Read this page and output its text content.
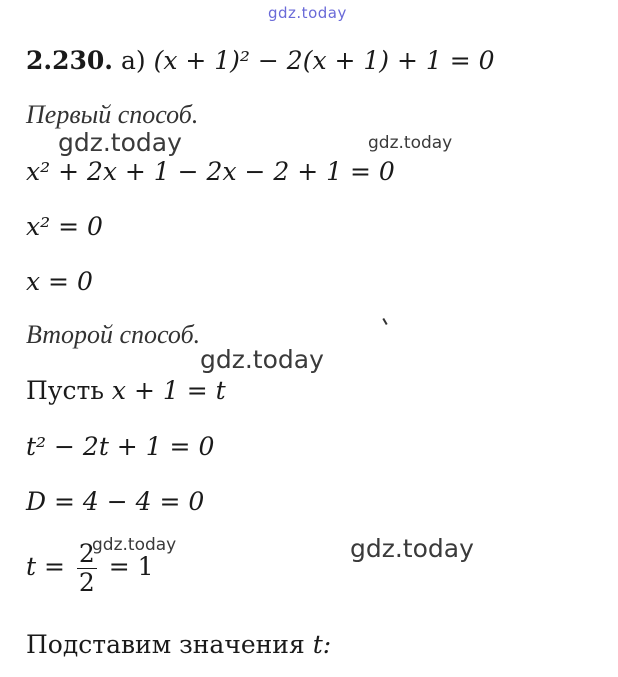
gdz.today
gdz.today	gdz.today
gdz.today
gdz.today	gdz.today
2.230. а) (x + 1)² − 2(x + 1) + 1 = 0
Первый способ.
x² + 2x + 1 − 2x − 2 + 1 = 0
x² = 0
x = 0
Второй способ.
Пусть x + 1 = t
t² − 2t + 1 = 0
D = 4 − 4 = 0
$t = \frac{2}{2} = 1$
Подставим значения t:
